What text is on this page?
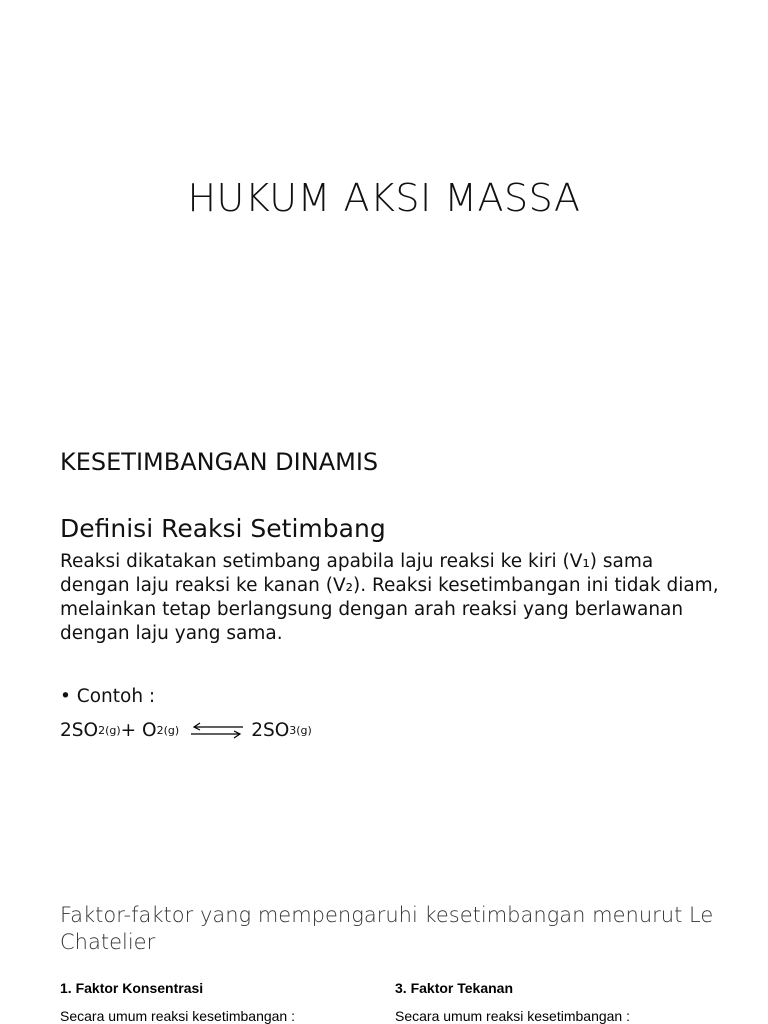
HUKUM AKSI MASSA
KESETIMBANGAN DINAMIS
Definisi Reaksi Setimbang
Reaksi dikatakan setimbang apabila laju reaksi ke kiri (V₁) sama dengan laju reaksi ke kanan (V₂). Reaksi kesetimbangan ini tidak diam, melainkan tetap berlangsung dengan arah reaksi yang berlawanan dengan laju yang sama.
• Contoh :
2SO 2(g) + O 2(g) ⇌ 2SO 3(g)
Faktor-faktor yang mempengaruhi kesetimbangan menurut Le Chatelier
1. Faktor Konsentrasi
Secara umum reaksi kesetimbangan :
3. Faktor Tekanan
Secara umum reaksi kesetimbangan :
